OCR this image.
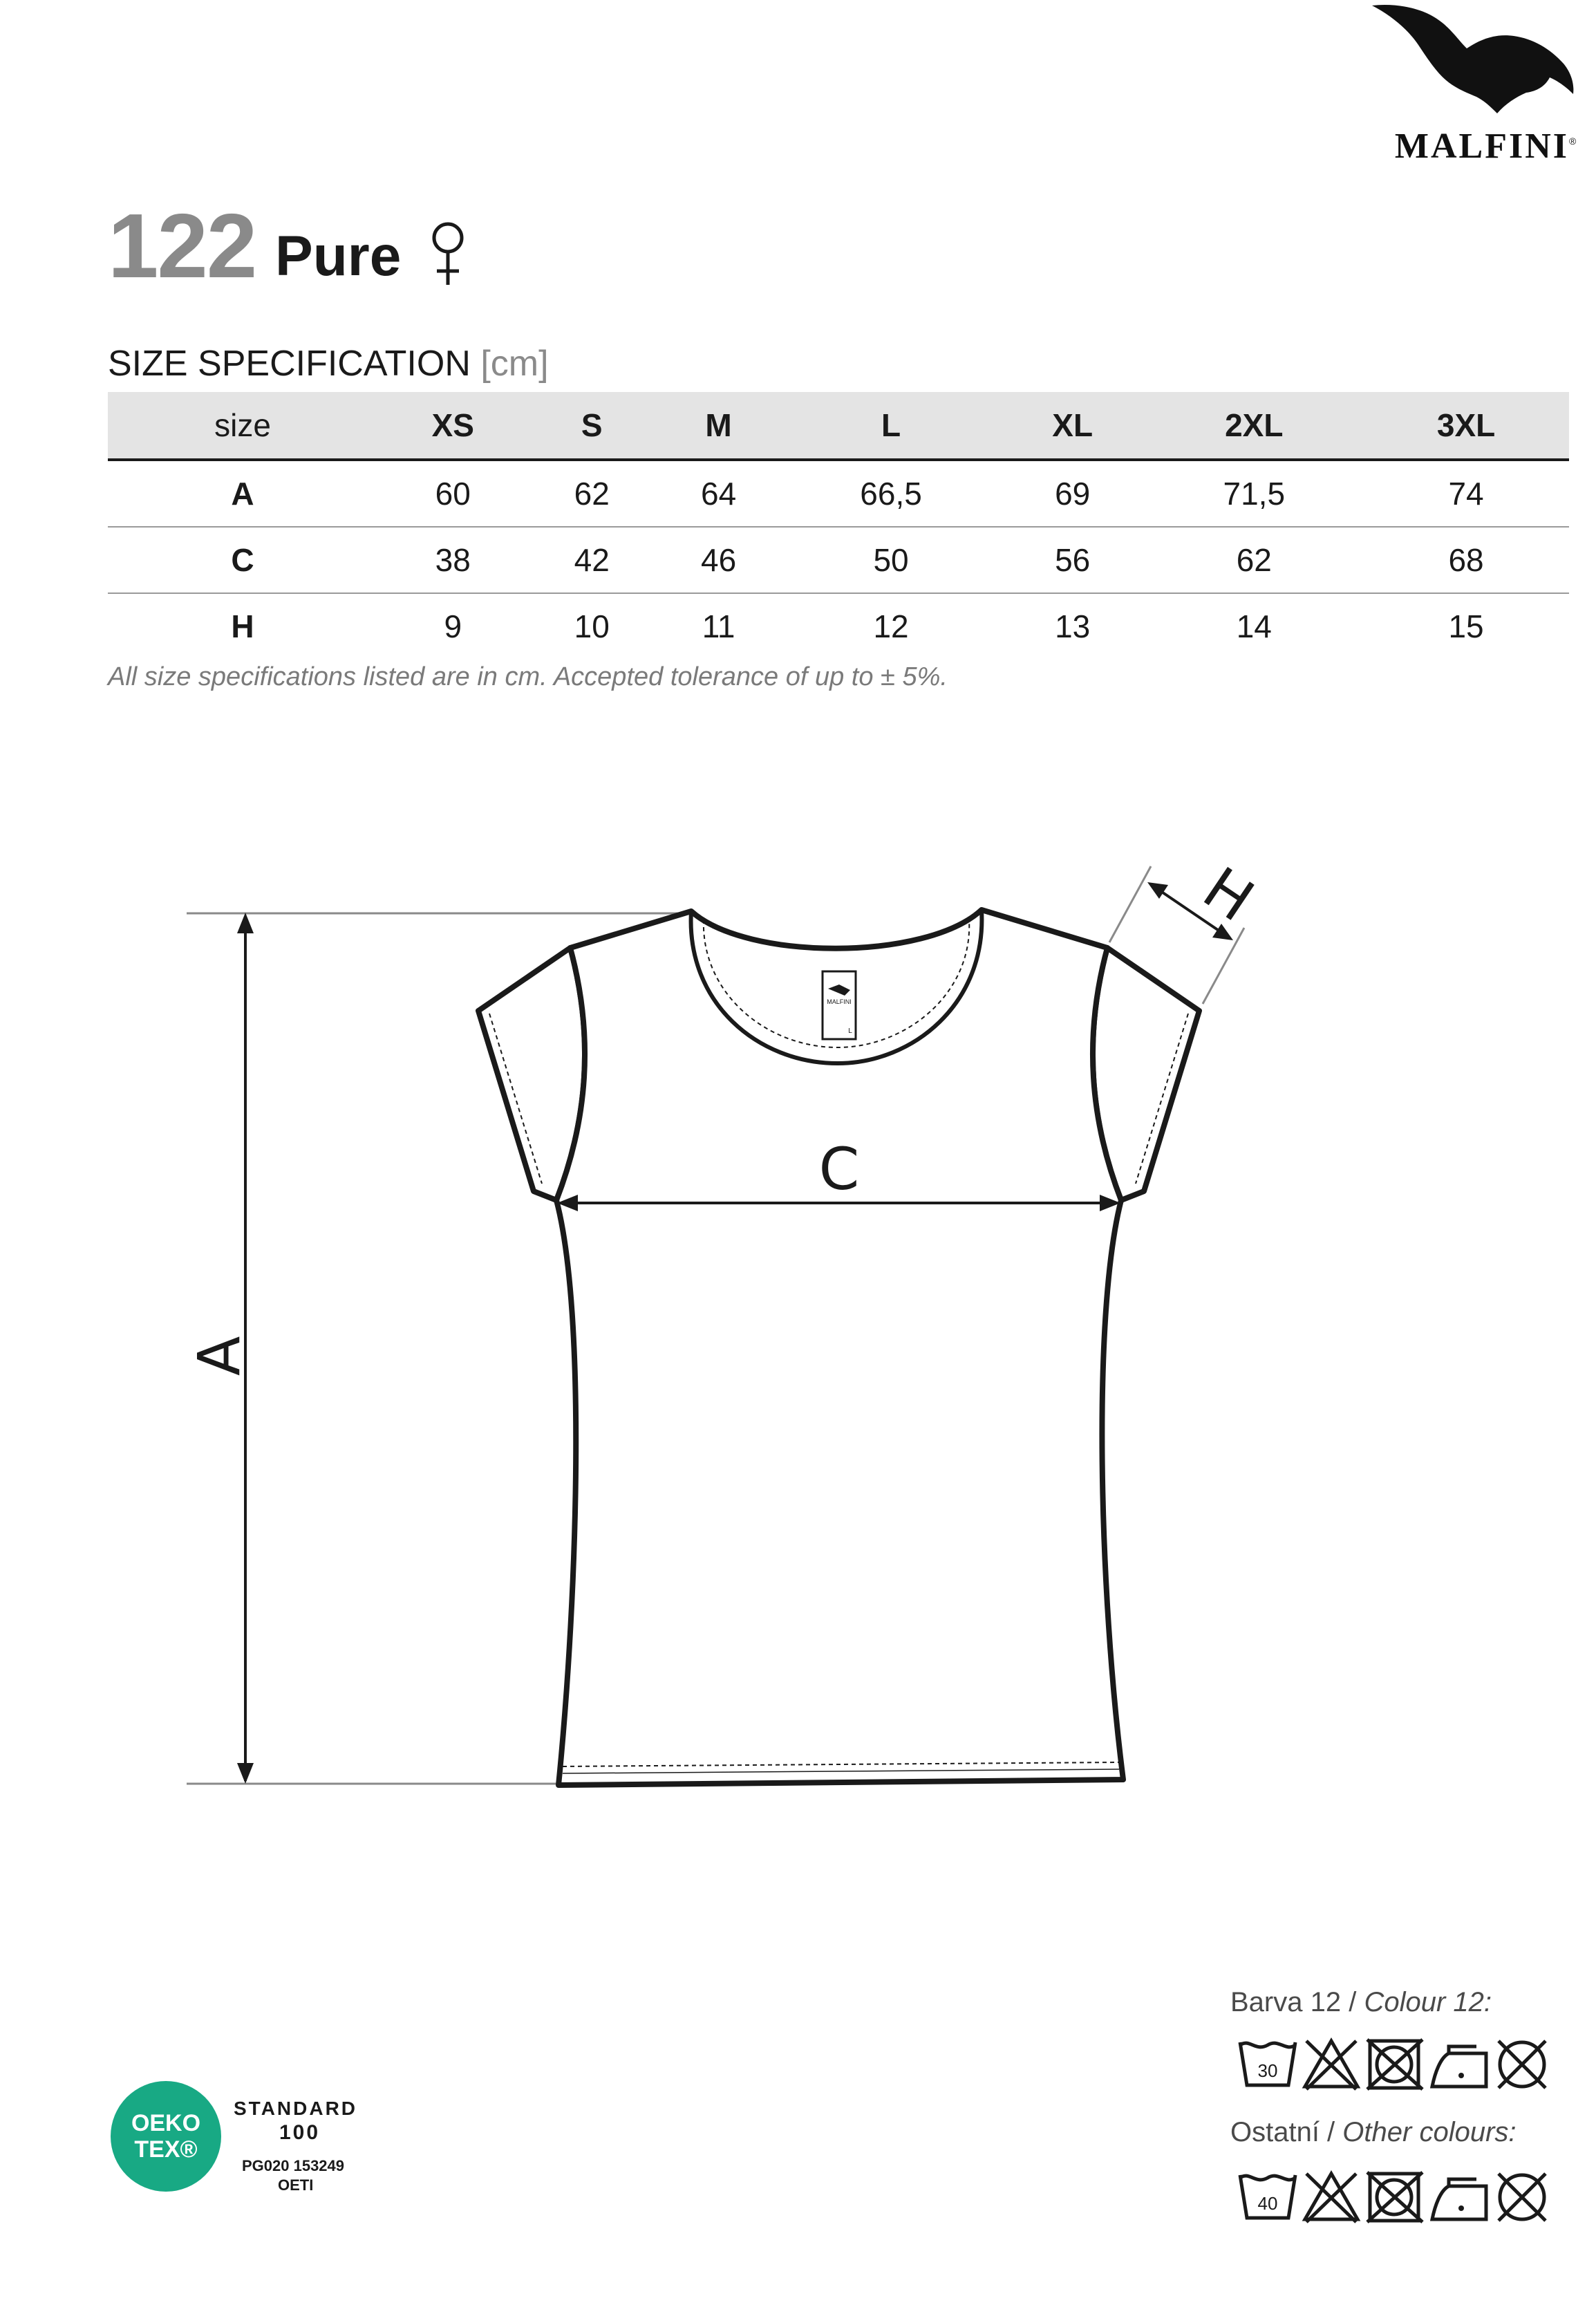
MALFINI ®
122 Pure
SIZE SPECIFICATION [cm]
size	XS	S	M	L	XL	2XL	3XL
A	60	62	64	66,5	69	71,5	74
C	38	42	46	50	56	62	68
H	9	10	11	12	13	14	15
All size specifications listed are in cm. Accepted tolerance of up to ± 5%.
A
MALFINI
L
C
H
OEKO
TEX®
STANDARD
100
PG020 153249
OETI
Barva 12 / Colour 12:
30
Ostatní / Other colours:
40
